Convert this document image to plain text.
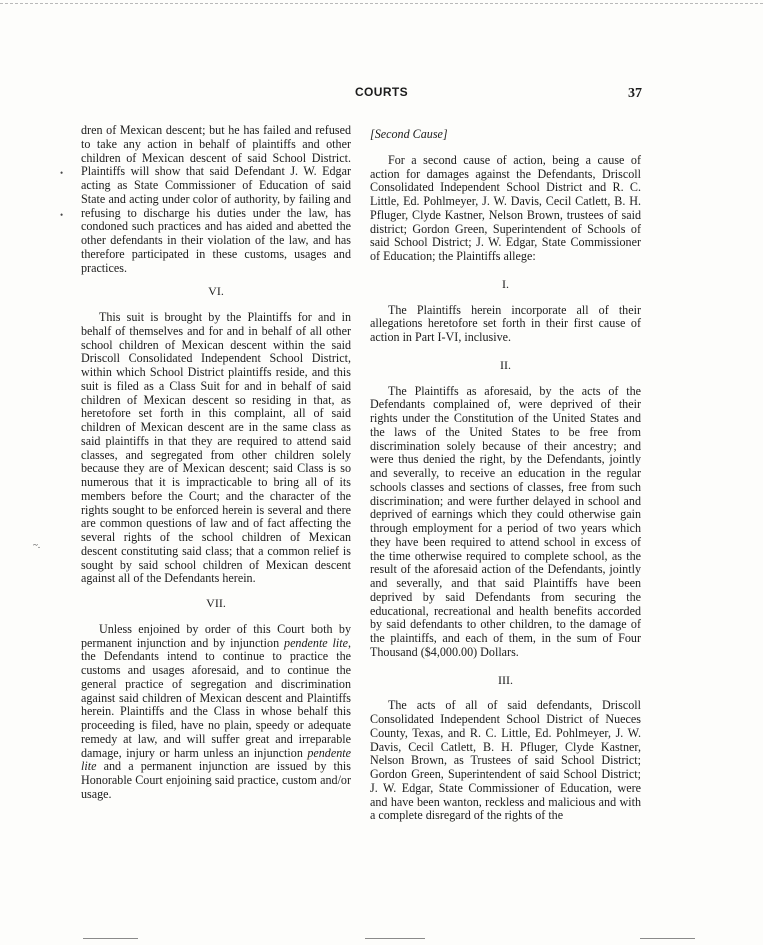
COURTS	37
•
•
~.

dren of Mexican descent; but he has failed and refused to take any action in behalf of plaintiffs and other children of Mexican descent of said School District. Plaintiffs will show that said Defendant J. W. Edgar acting as State Commissioner of Education of said State and acting under color of authority, by failing and refusing to discharge his duties under the law, has condoned such practices and has aided and abetted the other defendants in their violation of the law, and has therefore participated in these customs, usages and practices.

VI.

This suit is brought by the Plaintiffs for and in behalf of themselves and for and in behalf of all other school children of Mexican descent within the said Driscoll Consolidated Independent School District, within which School District plaintiffs reside, and this suit is filed as a Class Suit for and in behalf of said children of Mexican descent so residing in that, as heretofore set forth in this complaint, all of said children of Mexican descent are in the same class as said plaintiffs in that they are required to attend said classes, and segregated from other children solely because they are of Mexican descent; said Class is so numerous that it is impracticable to bring all of its members before the Court; and the character of the rights sought to be enforced herein is several and there are common questions of law and of fact affecting the several rights of the school children of Mexican descent constituting said class; that a common relief is sought by said school children of Mexican descent against all of the Defendants herein.

VII.

Unless enjoined by order of this Court both by permanent injunction and by injunction pendente lite, the Defendants intend to continue to practice the customs and usages aforesaid, and to continue the general practice of segregation and discrimination against said children of Mexican descent and Plaintiffs herein. Plaintiffs and the Class in whose behalf this proceeding is filed, have no plain, speedy or adequate remedy at law, and will suffer great and irreparable damage, injury or harm unless an injunction pendente lite and a permanent injunction are issued by this Honorable Court enjoining said practice, custom and/or usage.

[Second Cause]

For a second cause of action, being a cause of action for damages against the Defendants, Driscoll Consolidated Independent School District and R. C. Little, Ed. Pohlmeyer, J. W. Davis, Cecil Catlett, B. H. Pfluger, Clyde Kastner, Nelson Brown, trustees of said district; Gordon Green, Superintendent of Schools of said School District; J. W. Edgar, State Commissioner of Education; the Plaintiffs allege:

I.

The Plaintiffs herein incorporate all of their allegations heretofore set forth in their first cause of action in Part I-VI, inclusive.

II.

The Plaintiffs as aforesaid, by the acts of the Defendants complained of, were deprived of their rights under the Constitution of the United States and the laws of the United States to be free from discrimination solely because of their ancestry; and were thus denied the right, by the Defendants, jointly and severally, to receive an education in the regular schools classes and sections of classes, free from such discrimination; and were further delayed in school and deprived of earnings which they could otherwise gain through employment for a period of two years which they have been required to attend school in excess of the time otherwise required to complete school, as the result of the aforesaid action of the Defendants, jointly and severally, and that said Plaintiffs have been deprived by said Defendants from securing the educational, recreational and health benefits accorded by said defendants to other children, to the damage of the plaintiffs, and each of them, in the sum of Four Thousand ($4,000.00) Dollars.

III.

The acts of all of said defendants, Driscoll Consolidated Independent School District of Nueces County, Texas, and R. C. Little, Ed. Pohlmeyer, J. W. Davis, Cecil Catlett, B. H. Pfluger, Clyde Kastner, Nelson Brown, as Trustees of said School District; Gordon Green, Superintendent of said School District; J. W. Edgar, State Commissioner of Education, were and have been wanton, reckless and malicious and with a complete disregard of the rights of the
